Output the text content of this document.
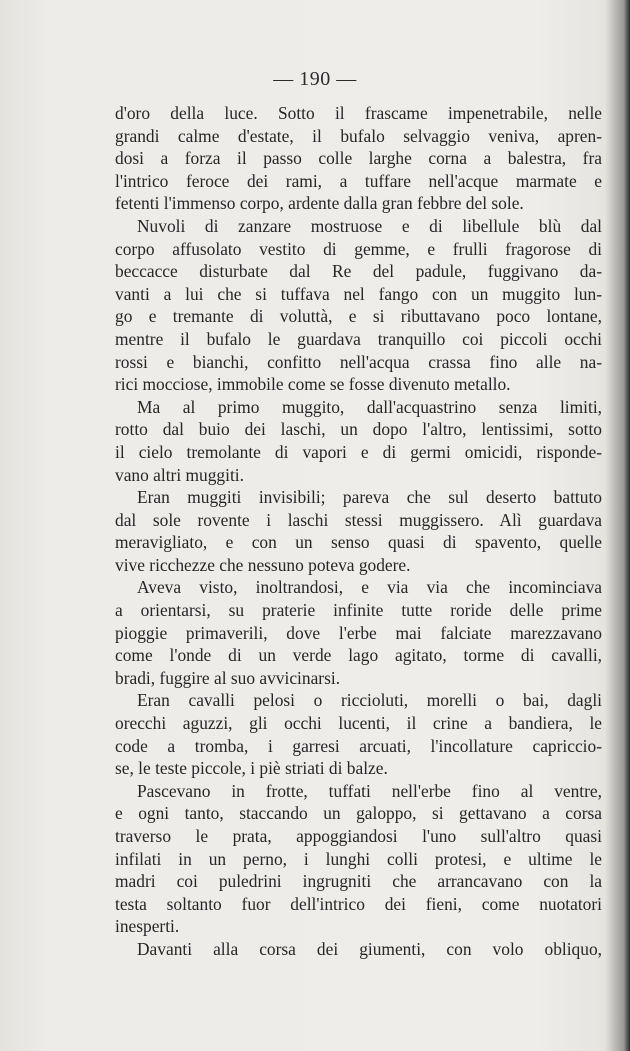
— 190 —
d'oro della luce. Sotto il frascame impenetrabile, nelle
grandi calme d'estate, il bufalo selvaggio veniva, apren-
dosi a forza il passo colle larghe corna a balestra, fra
l'intrico feroce dei rami, a tuffare nell'acque marmate e
fetenti l'immenso corpo, ardente dalla gran febbre del sole.
Nuvoli di zanzare mostruose e di libellule blù dal
corpo affusolato vestito di gemme, e frulli fragorose di
beccacce disturbate dal Re del padule, fuggivano da-
vanti a lui che si tuffava nel fango con un muggito lun-
go e tremante di voluttà, e si ributtavano poco lontane,
mentre il bufalo le guardava tranquillo coi piccoli occhi
rossi e bianchi, confitto nell'acqua crassa fino alle na-
rici mocciose, immobile come se fosse divenuto metallo.
Ma al primo muggito, dall'acquastrino senza limiti,
rotto dal buio dei laschi, un dopo l'altro, lentissimi, sotto
il cielo tremolante di vapori e di germi omicidi, risponde-
vano altri muggiti.
Eran muggiti invisibili; pareva che sul deserto battuto
dal sole rovente i laschi stessi muggissero. Alì guardava
meravigliato, e con un senso quasi di spavento, quelle
vive ricchezze che nessuno poteva godere.
Aveva visto, inoltrandosi, e via via che incominciava
a orientarsi, su praterie infinite tutte roride delle prime
pioggie primaverili, dove l'erbe mai falciate marezzavano
come l'onde di un verde lago agitato, torme di cavalli,
bradi, fuggire al suo avvicinarsi.
Eran cavalli pelosi o riccioluti, morelli o bai, dagli
orecchi aguzzi, gli occhi lucenti, il crine a bandiera, le
code a tromba, i garresi arcuati, l'incollature capriccio-
se, le teste piccole, i piè striati di balze.
Pascevano in frotte, tuffati nell'erbe fino al ventre,
e ogni tanto, staccando un galoppo, si gettavano a corsa
traverso le prata, appoggiandosi l'uno sull'altro quasi
infilati in un perno, i lunghi colli protesi, e ultime le
madri coi puledrini ingrugniti che arrancavano con la
testa soltanto fuor dell'intrico dei fieni, come nuotatori
inesperti.
Davanti alla corsa dei giumenti, con volo obliquo,
